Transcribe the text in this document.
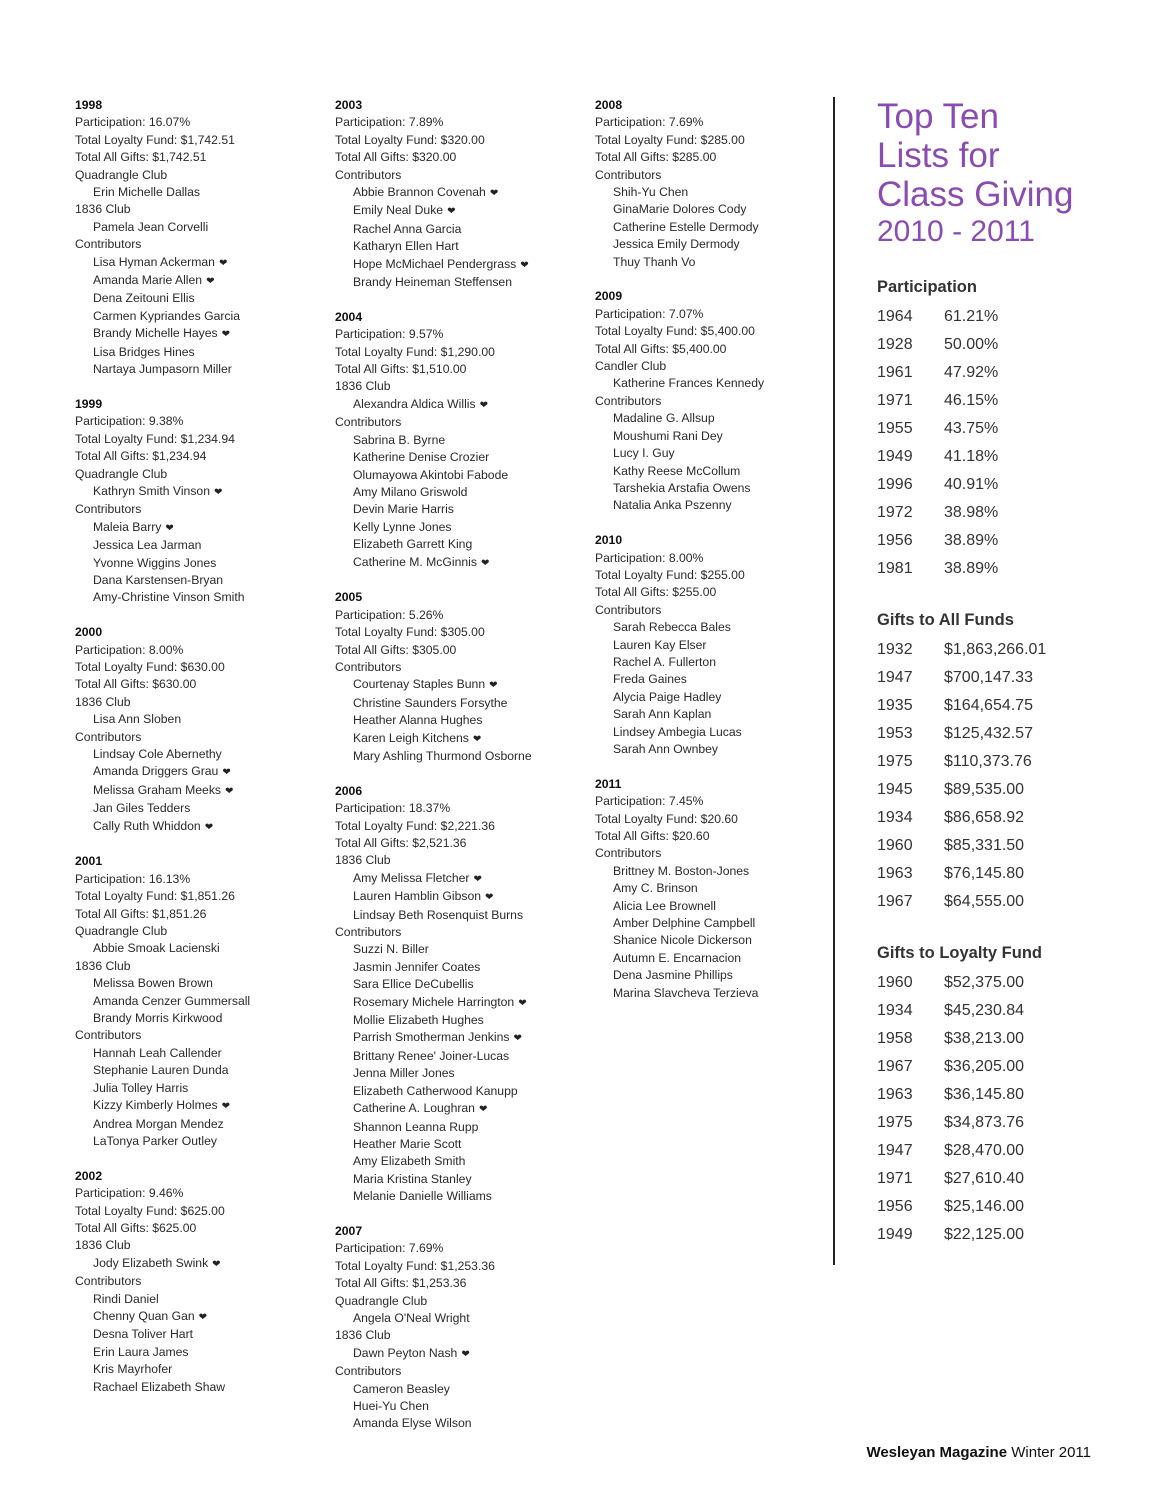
1998
Participation: 16.07%
Total Loyalty Fund: $1,742.51
Total All Gifts: $1,742.51
Quadrangle Club
Erin Michelle Dallas
1836 Club
Pamela Jean Corvelli
Contributors
Lisa Hyman Ackerman ❤
Amanda Marie Allen ❤
Dena Zeitouni Ellis
Carmen Kypriandes Garcia
Brandy Michelle Hayes ❤
Lisa Bridges Hines
Nartaya Jumpasorn Miller
1999
Participation: 9.38%
Total Loyalty Fund: $1,234.94
Total All Gifts: $1,234.94
Quadrangle Club
Kathryn Smith Vinson ❤
Contributors
Maleia Barry ❤
Jessica Lea Jarman
Yvonne Wiggins Jones
Dana Karstensen-Bryan
Amy-Christine Vinson Smith
2000
Participation: 8.00%
Total Loyalty Fund: $630.00
Total All Gifts: $630.00
1836 Club
Lisa Ann Sloben
Contributors
Lindsay Cole Abernethy
Amanda Driggers Grau ❤
Melissa Graham Meeks ❤
Jan Giles Tedders
Cally Ruth Whiddon ❤
2001
Participation: 16.13%
Total Loyalty Fund: $1,851.26
Total All Gifts: $1,851.26
Quadrangle Club
Abbie Smoak Lacienski
1836 Club
Melissa Bowen Brown
Amanda Cenzer Gummersall
Brandy Morris Kirkwood
Contributors
Hannah Leah Callender
Stephanie Lauren Dunda
Julia Tolley Harris
Kizzy Kimberly Holmes ❤
Andrea Morgan Mendez
LaTonya Parker Outley
2002
Participation: 9.46%
Total Loyalty Fund: $625.00
Total All Gifts: $625.00
1836 Club
Jody Elizabeth Swink ❤
Contributors
Rindi Daniel
Chenny Quan Gan ❤
Desna Toliver Hart
Erin Laura James
Kris Mayrhofer
Rachael Elizabeth Shaw
2003
Participation: 7.89%
Total Loyalty Fund: $320.00
Total All Gifts: $320.00
Contributors
Abbie Brannon Covenah ❤
Emily Neal Duke ❤
Rachel Anna Garcia
Katharyn Ellen Hart
Hope McMichael Pendergrass ❤
Brandy Heineman Steffensen
2004
Participation: 9.57%
Total Loyalty Fund: $1,290.00
Total All Gifts: $1,510.00
1836 Club
Alexandra Aldica Willis ❤
Contributors
Sabrina B. Byrne
Katherine Denise Crozier
Olumayowa Akintobi Fabode
Amy Milano Griswold
Devin Marie Harris
Kelly Lynne Jones
Elizabeth Garrett King
Catherine M. McGinnis ❤
2005
Participation: 5.26%
Total Loyalty Fund: $305.00
Total All Gifts: $305.00
Contributors
Courtenay Staples Bunn ❤
Christine Saunders Forsythe
Heather Alanna Hughes
Karen Leigh Kitchens ❤
Mary Ashling Thurmond Osborne
2006
Participation: 18.37%
Total Loyalty Fund: $2,221.36
Total All Gifts: $2,521.36
1836 Club
Amy Melissa Fletcher ❤
Lauren Hamblin Gibson ❤
Lindsay Beth Rosenquist Burns
Contributors
Suzzi N. Biller
Jasmin Jennifer Coates
Sara Ellice DeCubellis
Rosemary Michele Harrington ❤
Mollie Elizabeth Hughes
Parrish Smotherman Jenkins ❤
Brittany Renee' Joiner-Lucas
Jenna Miller Jones
Elizabeth Catherwood Kanupp
Catherine A. Loughran ❤
Shannon Leanna Rupp
Heather Marie Scott
Amy Elizabeth Smith
Maria Kristina Stanley
Melanie Danielle Williams
2007
Participation: 7.69%
Total Loyalty Fund: $1,253.36
Total All Gifts: $1,253.36
Quadrangle Club
Angela O'Neal Wright
1836 Club
Dawn Peyton Nash ❤
Contributors
Cameron Beasley
Huei-Yu Chen
Amanda Elyse Wilson
2008
Participation: 7.69%
Total Loyalty Fund: $285.00
Total All Gifts: $285.00
Contributors
Shih-Yu Chen
GinaMarie Dolores Cody
Catherine Estelle Dermody
Jessica Emily Dermody
Thuy Thanh Vo
2009
Participation: 7.07%
Total Loyalty Fund: $5,400.00
Total All Gifts: $5,400.00
Candler Club
Katherine Frances Kennedy
Contributors
Madaline G. Allsup
Moushumi Rani Dey
Lucy I. Guy
Kathy Reese McCollum
Tarshekia Arstafia Owens
Natalia Anka Pszenny
2010
Participation: 8.00%
Total Loyalty Fund: $255.00
Total All Gifts: $255.00
Contributors
Sarah Rebecca Bales
Lauren Kay Elser
Rachel A. Fullerton
Freda Gaines
Alycia Paige Hadley
Sarah Ann Kaplan
Lindsey Ambegia Lucas
Sarah Ann Ownbey
2011
Participation: 7.45%
Total Loyalty Fund: $20.60
Total All Gifts: $20.60
Contributors
Brittney M. Boston-Jones
Amy C. Brinson
Alicia Lee Brownell
Amber Delphine Campbell
Shanice Nicole Dickerson
Autumn E. Encarnacion
Dena Jasmine Phillips
Marina Slavcheva Terzieva
Top Ten
Lists for
Class Giving
2010 - 2011
Participation
1964	61.21%
1928	50.00%
1961	47.92%
1971	46.15%
1955	43.75%
1949	41.18%
1996	40.91%
1972	38.98%
1956	38.89%
1981	38.89%
Gifts to All Funds
1932	$1,863,266.01
1947	$700,147.33
1935	$164,654.75
1953	$125,432.57
1975	$110,373.76
1945	$89,535.00
1934	$86,658.92
1960	$85,331.50
1963	$76,145.80
1967	$64,555.00
Gifts to Loyalty Fund
1960	$52,375.00
1934	$45,230.84
1958	$38,213.00
1967	$36,205.00
1963	$36,145.80
1975	$34,873.76
1947	$28,470.00
1971	$27,610.40
1956	$25,146.00
1949	$22,125.00
Wesleyan Magazine Winter 2011
